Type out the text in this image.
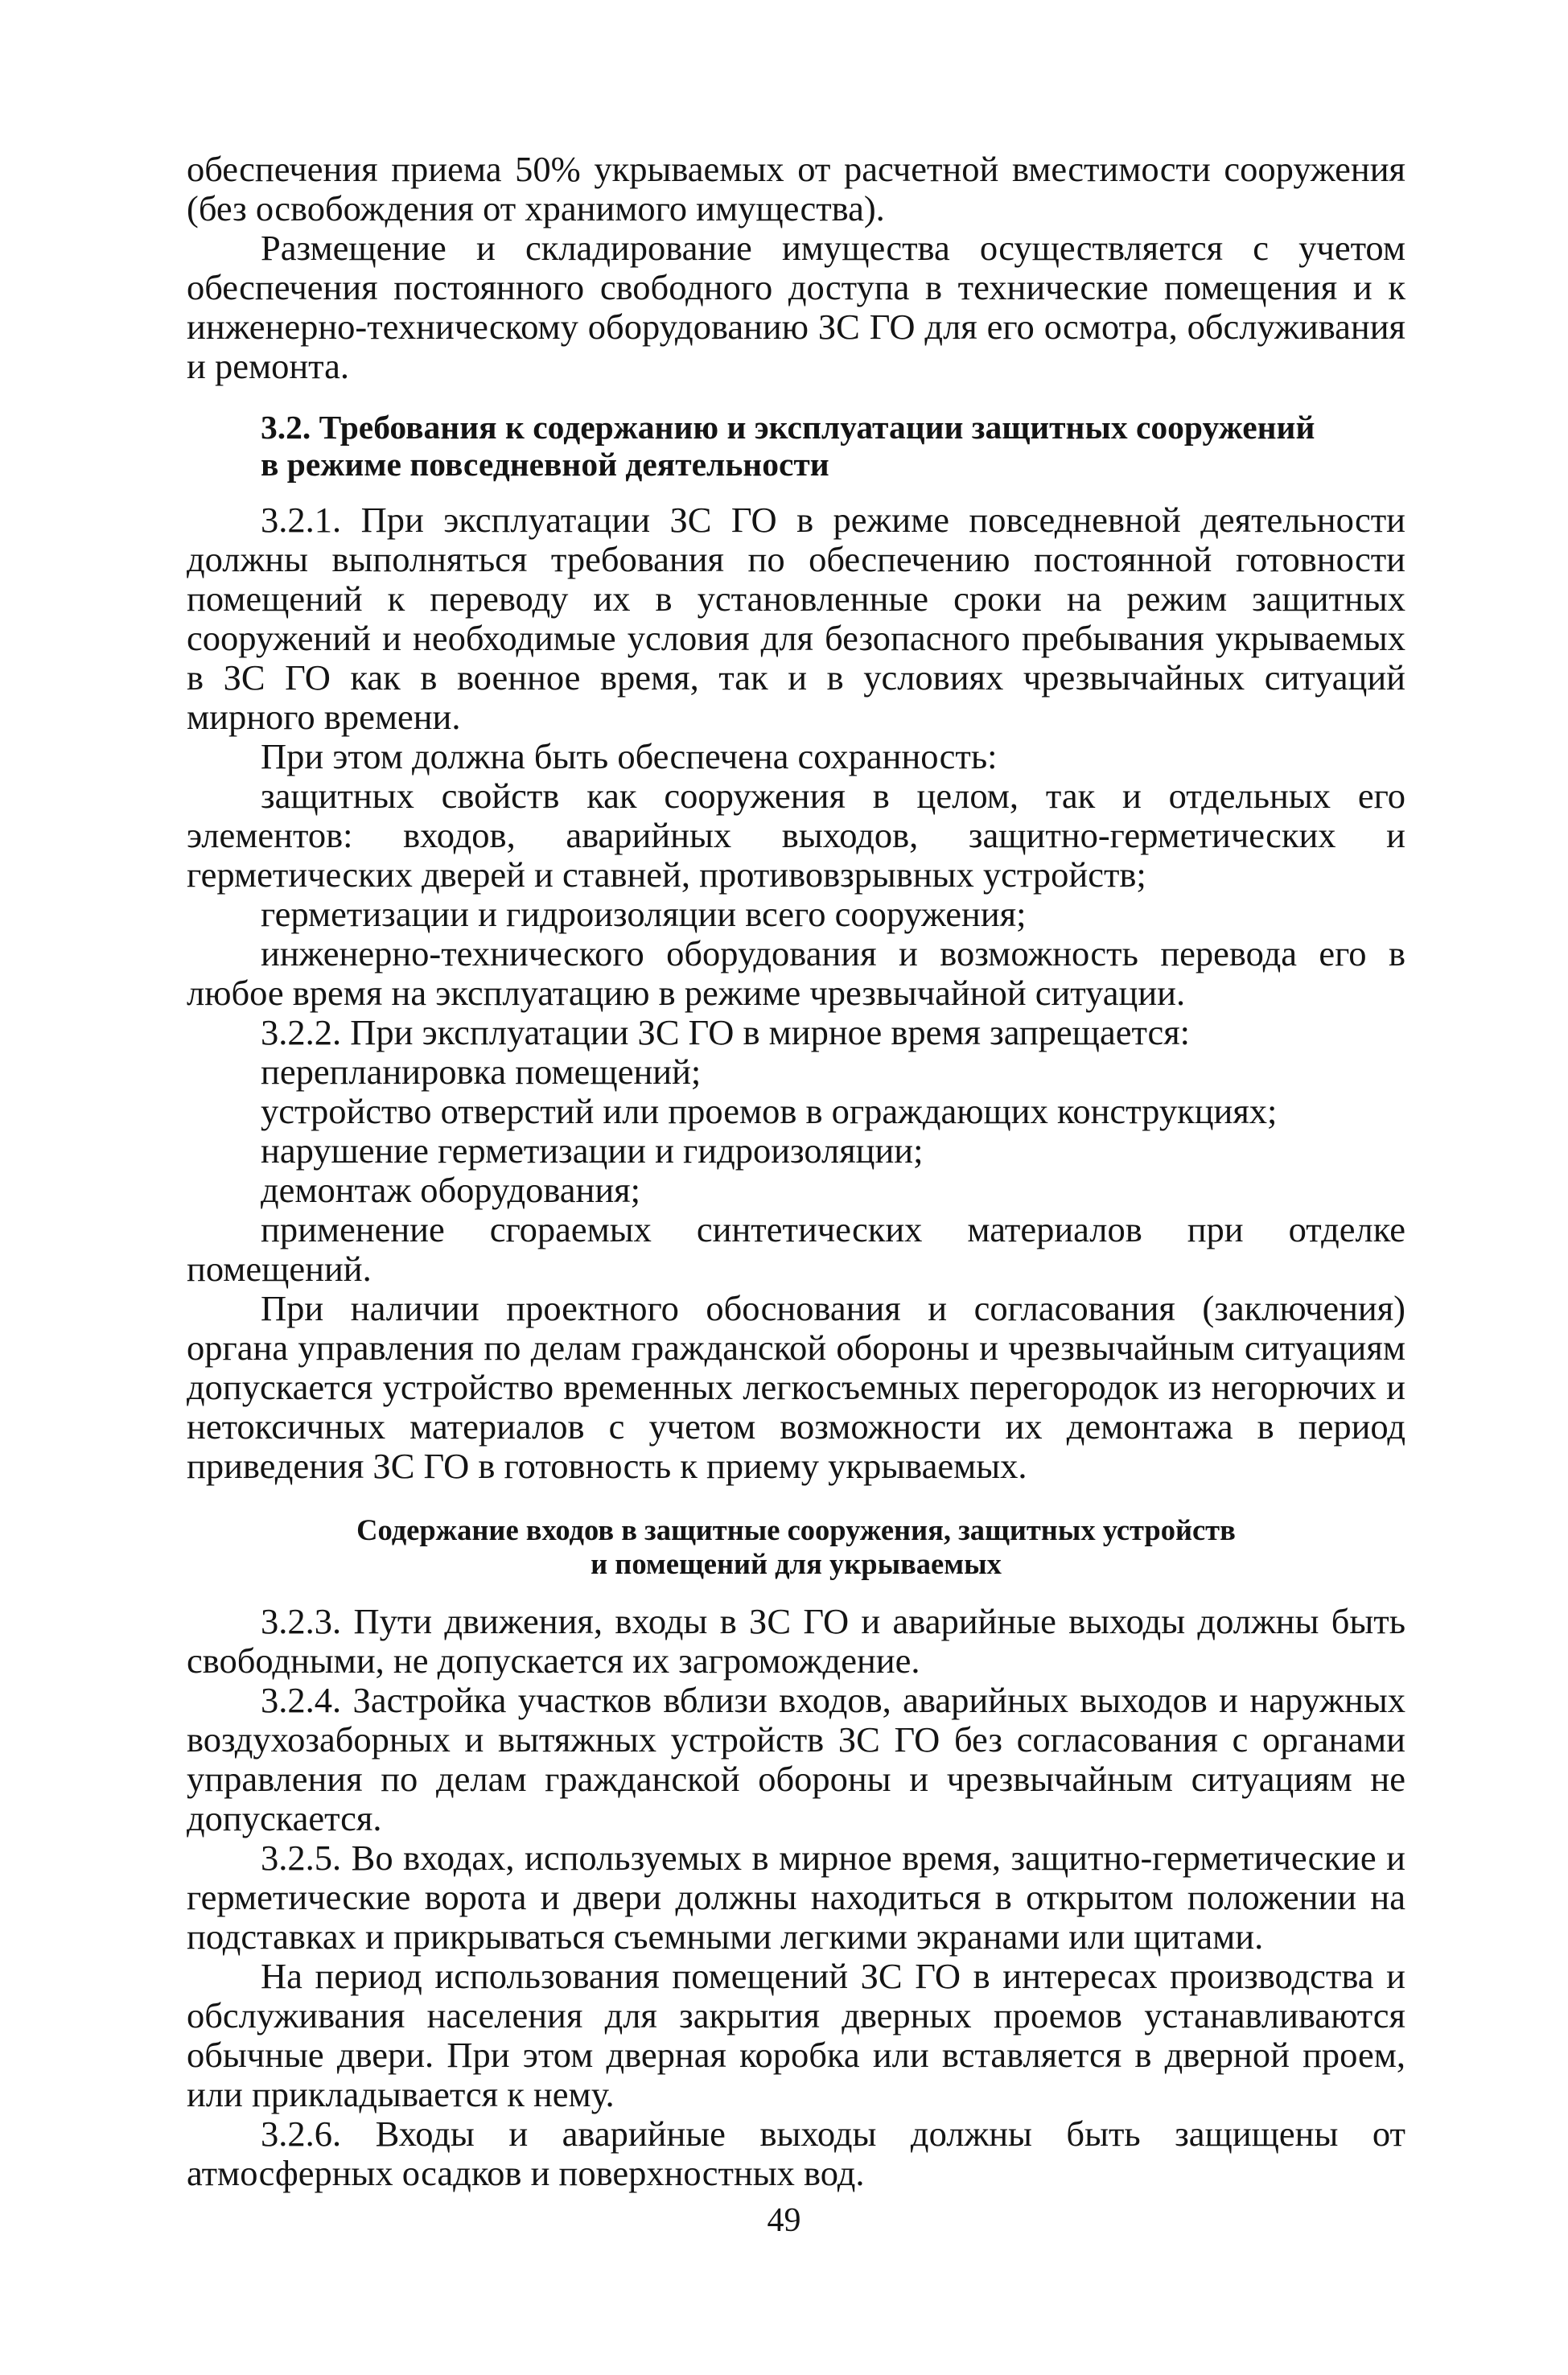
обеспечения приема 50% укрываемых от расчетной вместимости сооружения (без освобождения от хранимого имущества).

Размещение и складирование имущества осуществляется с учетом обеспечения постоянного свободного доступа в технические помещения и к инженерно-техническому оборудованию ЗС ГО для его осмотра, обслуживания и ремонта.

3.2. Требования к содержанию и эксплуатации защитных сооружений
в режиме повседневной деятельности

3.2.1. При эксплуатации ЗС ГО в режиме повседневной деятельности должны выполняться требования по обеспечению постоянной готовности помещений к переводу их в установленные сроки на режим защитных сооружений и необходимые условия для безопасного пребывания укрываемых в ЗС ГО как в военное время, так и в условиях чрезвычайных ситуаций мирного времени.

При этом должна быть обеспечена сохранность:

защитных свойств как сооружения в целом, так и отдельных его элементов: входов, аварийных выходов, защитно-герметических и герметических дверей и ставней, противовзрывных устройств;

герметизации и гидроизоляции всего сооружения;

инженерно-технического оборудования и возможность перевода его в любое время на эксплуатацию в режиме чрезвычайной ситуации.

3.2.2. При эксплуатации ЗС ГО в мирное время запрещается:

перепланировка помещений;

устройство отверстий или проемов в ограждающих конструкциях;

нарушение герметизации и гидроизоляции;

демонтаж оборудования;

применение сгораемых синтетических материалов при отделке помещений.

При наличии проектного обоснования и согласования (заключения) органа управления по делам гражданской обороны и чрезвычайным ситуациям допускается устройство временных легкосъемных перегородок из негорючих и нетоксичных материалов с учетом возможности их демонтажа в период приведения ЗС ГО в готовность к приему укрываемых.

Содержание входов в защитные сооружения, защитных устройств
и помещений для укрываемых

3.2.3. Пути движения, входы в ЗС ГО и аварийные выходы должны быть свободными, не допускается их загромождение.

3.2.4. Застройка участков вблизи входов, аварийных выходов и наружных воздухозаборных и вытяжных устройств ЗС ГО без согласования с органами управления по делам гражданской обороны и чрезвычайным ситуациям не допускается.

3.2.5. Во входах, используемых в мирное время, защитно-герметические и герметические ворота и двери должны находиться в открытом положении на подставках и прикрываться съемными легкими экранами или щитами.

На период использования помещений ЗС ГО в интересах производства и обслуживания населения для закрытия дверных проемов устанавливаются обычные двери. При этом дверная коробка или вставляется в дверной проем, или прикладывается к нему.

3.2.6. Входы и аварийные выходы должны быть защищены от атмосферных осадков и поверхностных вод.

49
